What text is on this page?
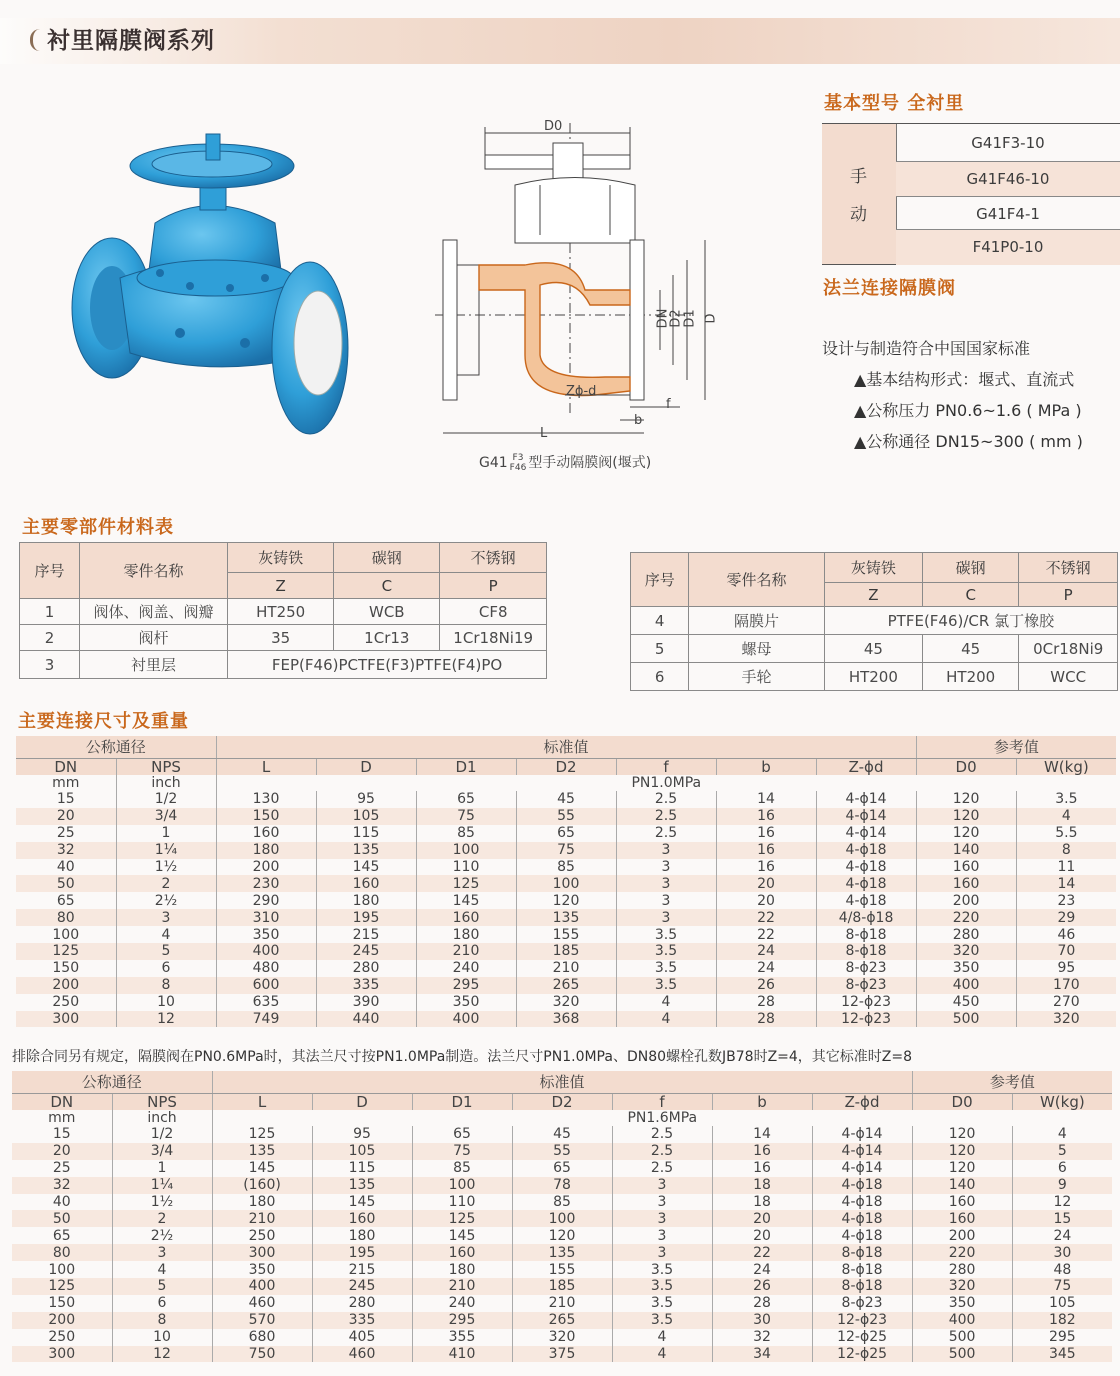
衬里隔膜阀系列
D0
DN
D2 D1 D
Zϕ-d
f
b
L
G41 F3
F46 型手动隔膜阀(堰式)
基本型号 全衬里
手
动
G41F3-10
G41F46-10
G41F4-1
F41P0-10
法兰连接隔膜阀
设计与制造符合中国国家标准
▲基本结构形式：堰式、直流式
▲公称压力 PN0.6~1.6 ( MPa )
▲公称通径 DN15~300 ( mm )
主要零部件材料表
序号	零件名称	灰铸铁	碳钢	不锈钢
		Z	C	P
1	阀体、阀盖、阀瓣	HT250	WCB	CF8
2	阀杆	35	1Cr13	1Cr18Ni19
3	衬里层	FEP(F46)PCTFE(F3)PTFE(F4)PO		
序号	零件名称	灰铸铁	碳钢	不锈钢
		Z	C	P
4	隔膜片	PTFE(F46)/CR 氯丁橡胶		
5	螺母	45	45	0Cr18Ni9
6	手轮	HT200	HT200	WCC
主要连接尺寸及重量
公称通径		标准值							参考值	
DN	NPS	L	D	D1	D2	f	b	Z-ϕd	D0	W(kg)
mm	inch	PN1.0MPa								
15	1/2	130	95	65	45	2.5	14	4-ϕ14	120	3.5
20	3/4	150	105	75	55	2.5	16	4-ϕ14	120	4
25	1	160	115	85	65	2.5	16	4-ϕ14	120	5.5
32	1¼	180	135	100	75	3	16	4-ϕ18	140	8
40	1½	200	145	110	85	3	16	4-ϕ18	160	11
50	2	230	160	125	100	3	20	4-ϕ18	160	14
65	2½	290	180	145	120	3	20	4-ϕ18	200	23
80	3	310	195	160	135	3	22	4/8-ϕ18	220	29
100	4	350	215	180	155	3.5	22	8-ϕ18	280	46
125	5	400	245	210	185	3.5	24	8-ϕ18	320	70
150	6	480	280	240	210	3.5	24	8-ϕ23	350	95
200	8	600	335	295	265	3.5	26	8-ϕ23	400	170
250	10	635	390	350	320	4	28	12-ϕ23	450	270
300	12	749	440	400	368	4	28	12-ϕ23	500	320
排除合同另有规定，隔膜阀在PN0.6MPa时，其法兰尺寸按PN1.0MPa制造。法兰尺寸PN1.0MPa、DN80螺栓孔数JB78时Z=4，其它标准时Z=8
公称通径		标准值							参考值	
DN	NPS	L	D	D1	D2	f	b	Z-ϕd	D0	W(kg)
mm	inch	PN1.6MPa								
15	1/2	125	95	65	45	2.5	14	4-ϕ14	120	4
20	3/4	135	105	75	55	2.5	16	4-ϕ14	120	5
25	1	145	115	85	65	2.5	16	4-ϕ14	120	6
32	1¼	(160)	135	100	78	3	18	4-ϕ18	140	9
40	1½	180	145	110	85	3	18	4-ϕ18	160	12
50	2	210	160	125	100	3	20	4-ϕ18	160	15
65	2½	250	180	145	120	3	20	4-ϕ18	200	24
80	3	300	195	160	135	3	22	8-ϕ18	220	30
100	4	350	215	180	155	3.5	24	8-ϕ18	280	48
125	5	400	245	210	185	3.5	26	8-ϕ18	320	75
150	6	460	280	240	210	3.5	28	8-ϕ23	350	105
200	8	570	335	295	265	3.5	30	12-ϕ23	400	182
250	10	680	405	355	320	4	32	12-ϕ25	500	295
300	12	750	460	410	375	4	34	12-ϕ25	500	345
